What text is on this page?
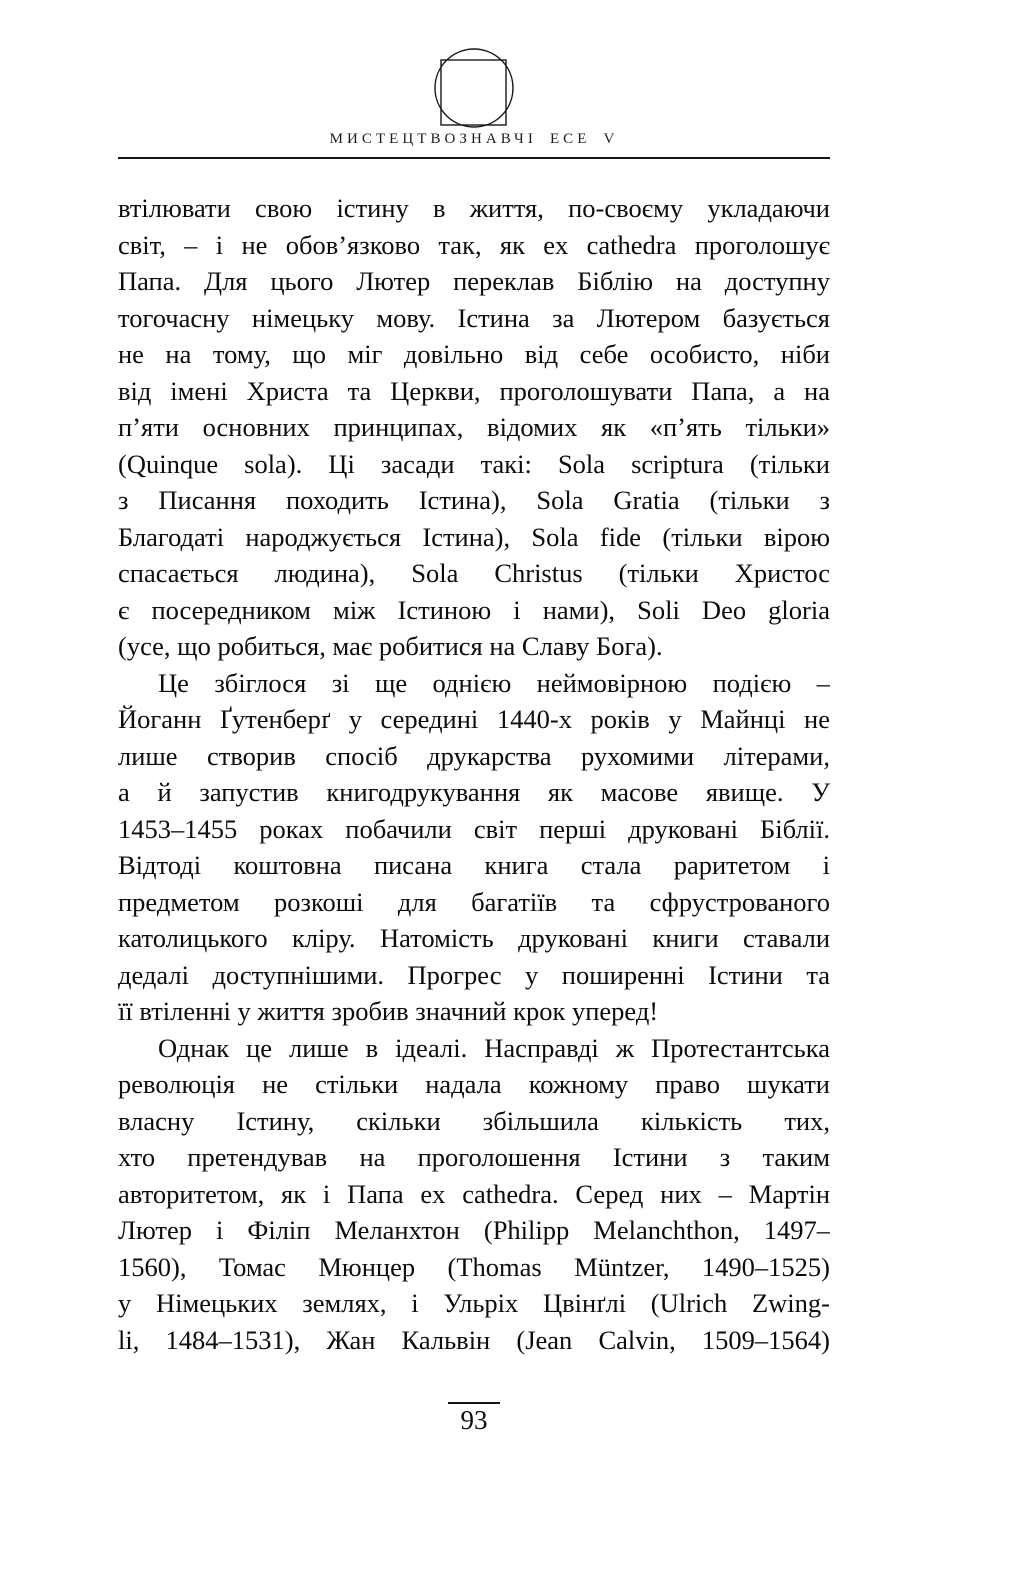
МИСТЕЦТВОЗНАВЧІ ЕСЕ V
втілювати свою істину в життя, по-своєму укладаючи
світ, – і не обов’язково так, як ex cathedra проголошує
Папа. Для цього Лютер переклав Біблію на доступну
тогочасну німецьку мову. Істина за Лютером базується
не на тому, що міг довільно від себе особисто, ніби
від імені Христа та Церкви, проголошувати Папа, а на
п’яти основних принципах, відомих як «п’ять тільки»
(Quinque sola). Ці засади такі: Sola scriptura (тільки
з Писання походить Істина), Sola Gratia (тільки з
Благодаті народжується Істина), Sola fide (тільки вірою
спасається людина), Sola Christus (тільки Христос
є посередником між Істиною і нами), Soli Deo gloria
(усе, що робиться, має робитися на Славу Бога).
Це збіглося зі ще однією неймовірною подією –
Йоганн Ґутенберґ у середині 1440-х років у Майнці не
лише створив спосіб друкарства рухомими літерами,
а й запустив книгодрукування як масове явище. У
1453–1455 роках побачили світ перші друковані Біблії.
Відтоді коштовна писана книга стала раритетом і
предметом розкоші для багатіїв та сфрустрованого
католицького кліру. Натомість друковані книги ставали
дедалі доступнішими. Прогрес у поширенні Істини та
її втіленні у життя зробив значний крок уперед!
Однак це лише в ідеалі. Насправді ж Протестантська
революція не стільки надала кожному право шукати
власну Істину, скільки збільшила кількість тих,
хто претендував на проголошення Істини з таким
авторитетом, як і Папа ex cathedra. Серед них – Мартін
Лютер і Філіп Меланхтон (Philipp Melanchthon, 1497–
1560), Томас Мюнцер (Thomas Müntzer, 1490–1525)
у Німецьких землях, і Ульріх Цвінґлі (Ulrich Zwing-
li, 1484–1531), Жан Кальвін (Jean Calvin, 1509–1564)
93
